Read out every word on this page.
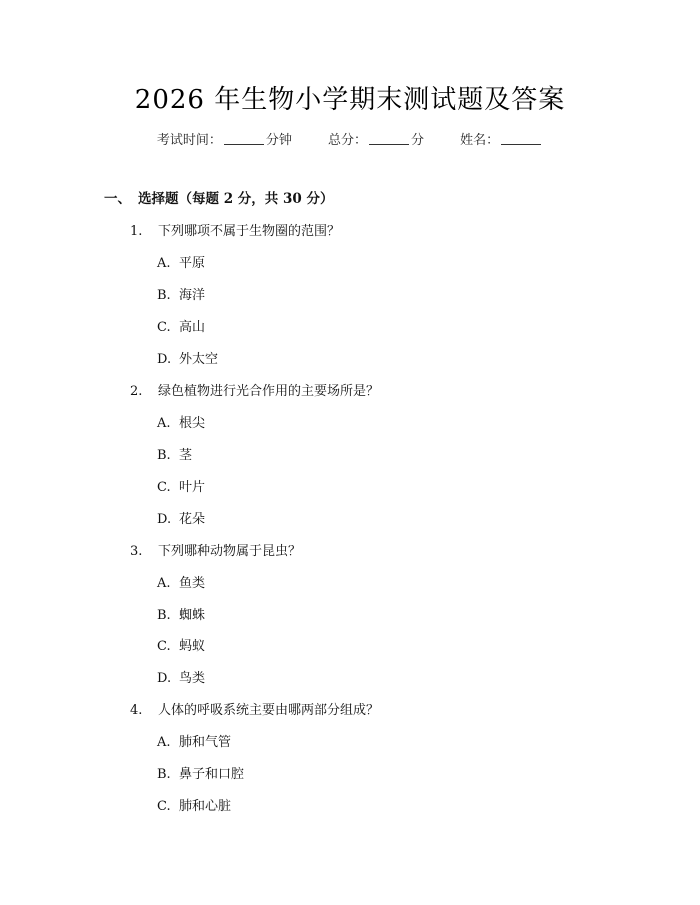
2026 年生物小学期末测试题及答案
考试时间：	分钟	总分：	分	姓名：
一、 选择题（每题 2 分，共 30 分）
1. 下列哪项不属于生物圈的范围？
A. 平原
B. 海洋
C. 高山
D. 外太空
2. 绿色植物进行光合作用的主要场所是？
A. 根尖
B. 茎
C. 叶片
D. 花朵
3. 下列哪种动物属于昆虫？
A. 鱼类
B. 蜘蛛
C. 蚂蚁
D. 鸟类
4. 人体的呼吸系统主要由哪两部分组成？
A. 肺和气管
B. 鼻子和口腔
C. 肺和心脏
